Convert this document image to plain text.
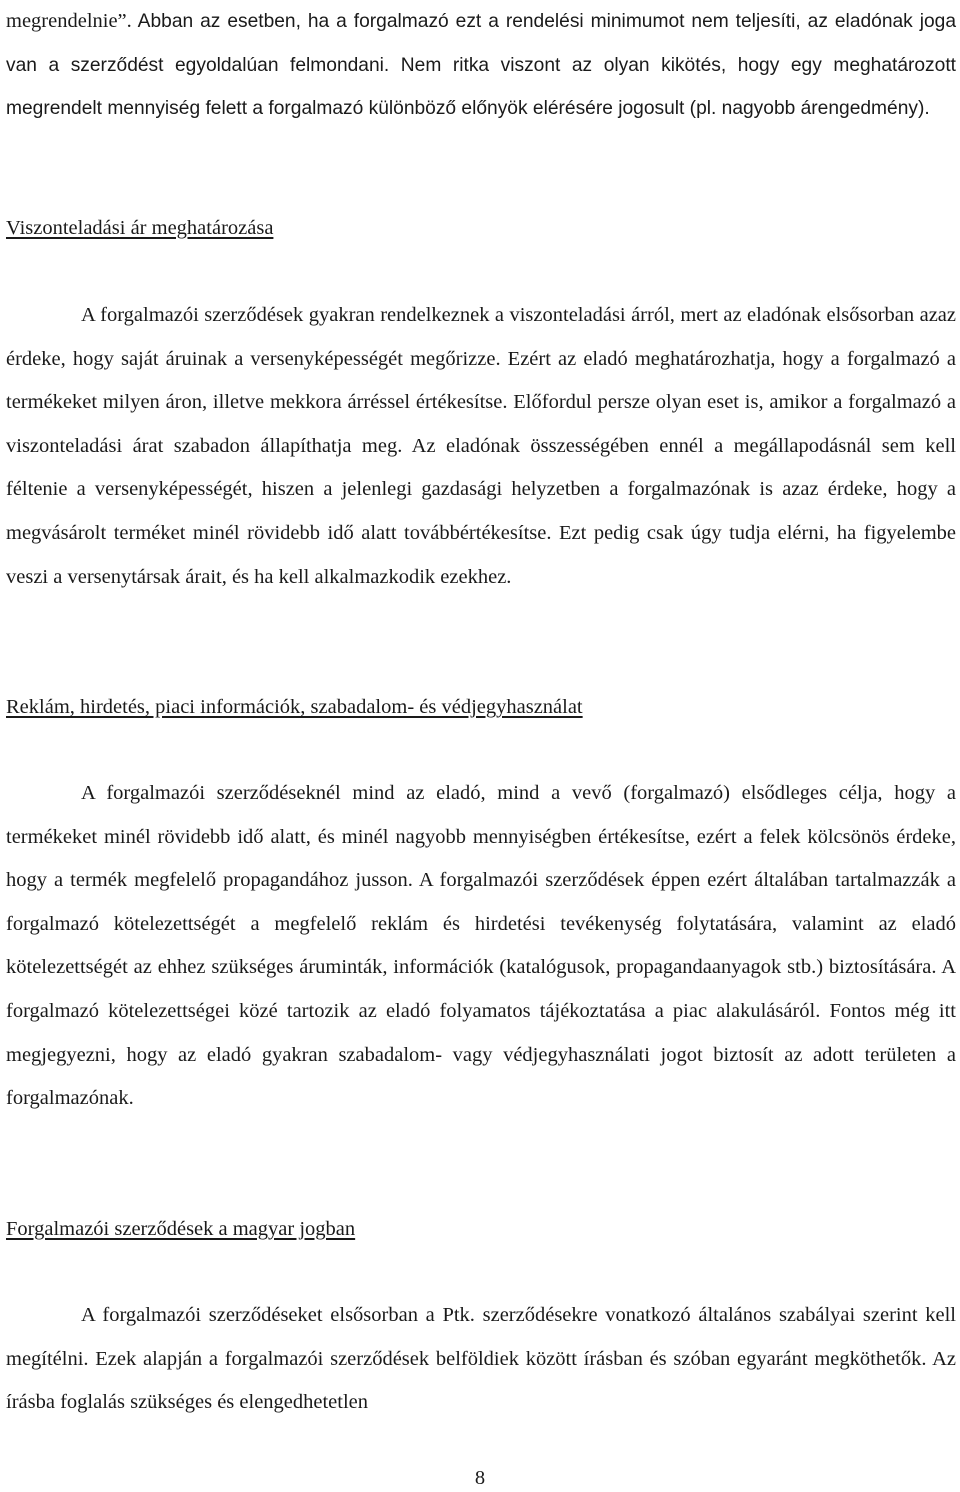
megrendelnie”. Abban az esetben, ha a forgalmazó ezt a rendelési minimumot nem teljesíti, az eladónak joga van a szerződést egyoldalúan felmondani. Nem ritka viszont az olyan kikötés, hogy egy meghatározott megrendelt mennyiség felett a forgalmazó különböző előnyök elérésére jogosult (pl. nagyobb árengedmény).

Viszonteladási ár meghatározása

A forgalmazói szerződések gyakran rendelkeznek a viszonteladási árról, mert az eladónak elsősorban azaz érdeke, hogy saját áruinak a versenyképességét megőrizze. Ezért az eladó meghatározhatja, hogy a forgalmazó a termékeket milyen áron, illetve mekkora árréssel értékesítse. Előfordul persze olyan eset is, amikor a forgalmazó a viszonteladási árat szabadon állapíthatja meg. Az eladónak összességében ennél a megállapodásnál sem kell féltenie a versenyképességét, hiszen a jelenlegi gazdasági helyzetben a forgalmazónak is azaz érdeke, hogy a megvásárolt terméket minél rövidebb idő alatt továbbértékesítse. Ezt pedig csak úgy tudja elérni, ha figyelembe veszi a versenytársak árait, és ha kell alkalmazkodik ezekhez.

Reklám, hirdetés, piaci információk, szabadalom- és védjegyhasználat

A forgalmazói szerződéseknél mind az eladó, mind a vevő (forgalmazó) elsődleges célja, hogy a termékeket minél rövidebb idő alatt, és minél nagyobb mennyiségben értékesítse, ezért a felek kölcsönös érdeke, hogy a termék megfelelő propagandához jusson. A forgalmazói szerződések éppen ezért általában tartalmazzák a forgalmazó kötelezettségét a megfelelő reklám és hirdetési tevékenység folytatására, valamint az eladó kötelezettségét az ehhez szükséges áruminták, információk (katalógusok, propagandaanyagok stb.) biztosítására. A forgalmazó kötelezettségei közé tartozik az eladó folyamatos tájékoztatása a piac alakulásáról. Fontos még itt megjegyezni, hogy az eladó gyakran szabadalom- vagy védjegyhasználati jogot biztosít az adott területen a forgalmazónak.

Forgalmazói szerződések a magyar jogban

A forgalmazói szerződéseket elsősorban a Ptk. szerződésekre vonatkozó általános szabályai szerint kell megítélni. Ezek alapján a forgalmazói szerződések belföldiek között írásban és szóban egyaránt megköthetők. Az írásba foglalás szükséges és elengedhetetlen

8
